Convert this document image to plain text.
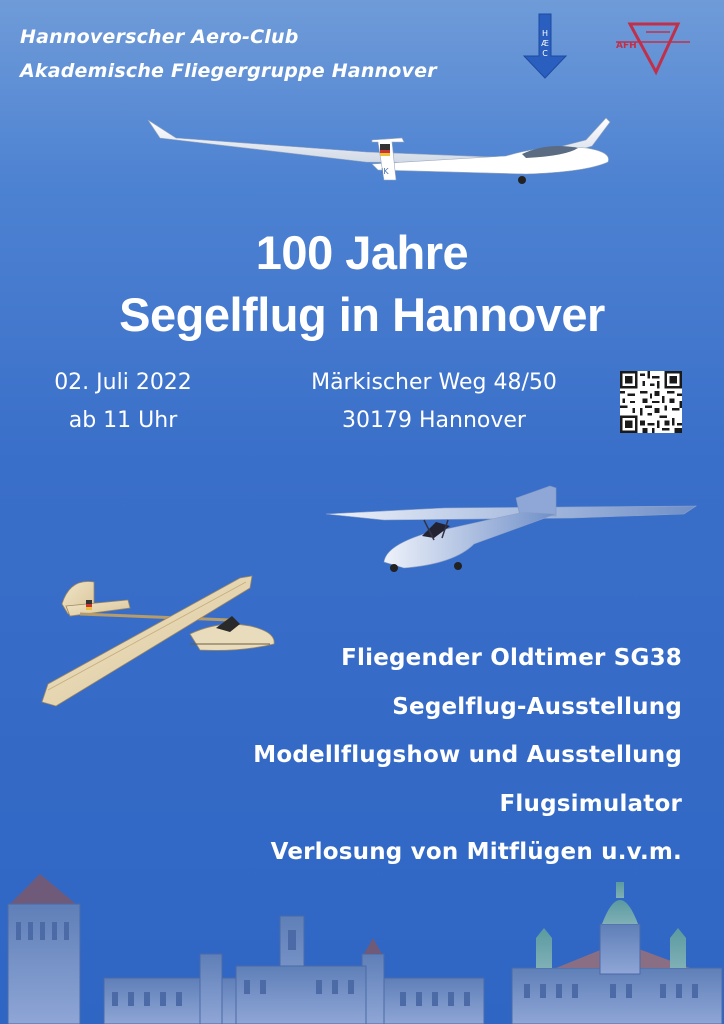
Hannoverscher Aero-Club
Akademische Fliegergruppe Hannover
H
Æ
C
AFH
IK
100 Jahre
Segelflug in Hannover
02. Juli 2022
ab 11 Uhr
Märkischer Weg 48/50
30179 Hannover
Fliegender Oldtimer SG38
Segelflug-Ausstellung
Modellflugshow und Ausstellung
Flugsimulator
Verlosung von Mitflügen u.v.m.
